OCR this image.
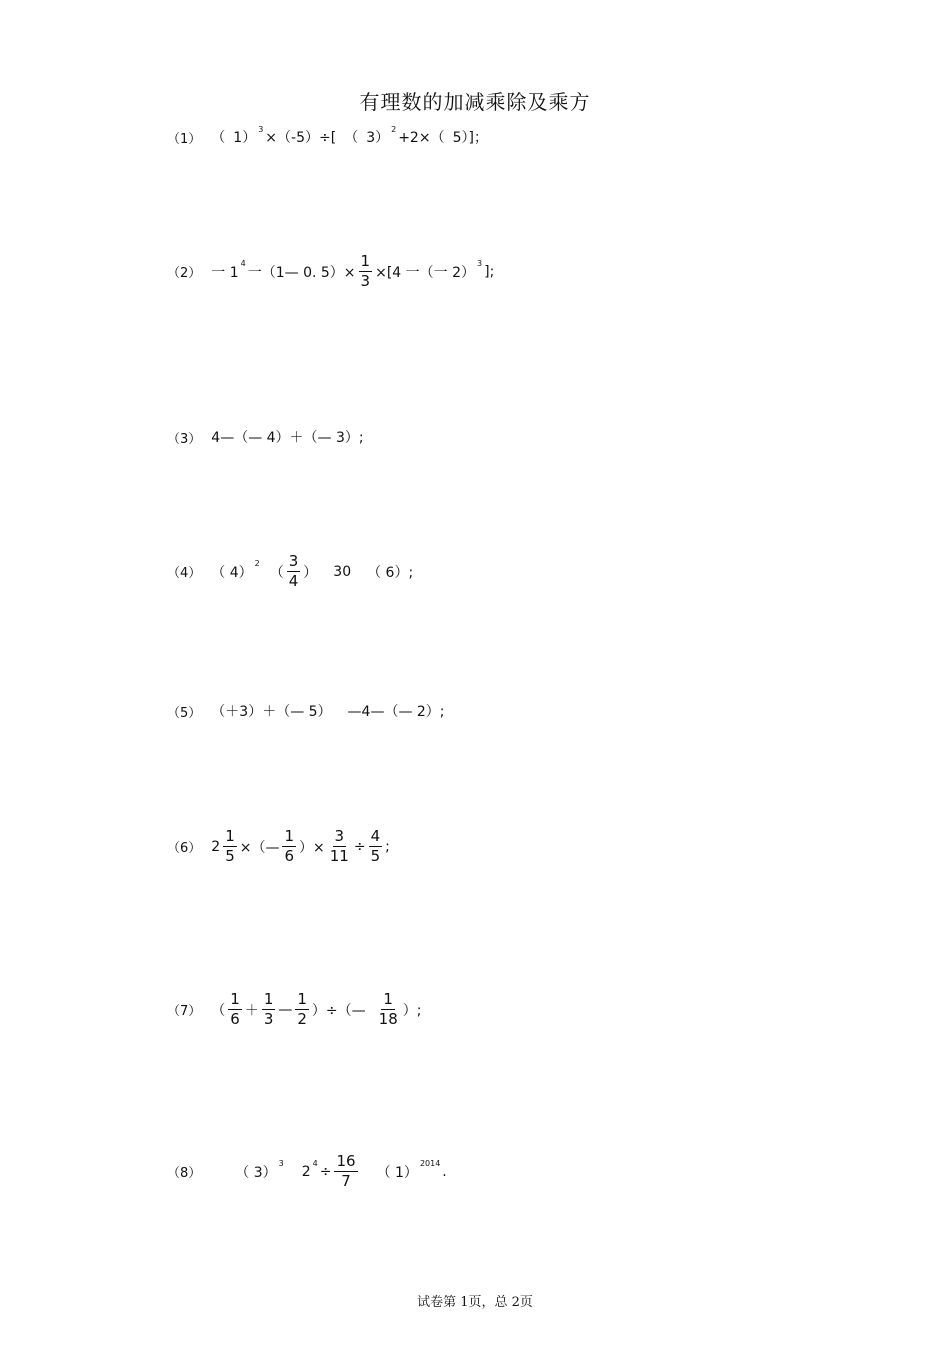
有理数的加减乘除及乘方
（1） （ 1）
3
×（-5）÷[ （ 3）
2
+2×（ 5）]；
（2） 一 1
4
一（1— 0. $5)\times \frac{1}{3} \times[4$ 一（一 2）
3 ];
（3） 4—（— 4）＋（— 3）;
（4） （ 4）
2
（ $\frac{3}{4}$ ） 30 （ 6）;
（5） （＋3）＋（— 5） —4—（— 2）;
（6） $2 \frac{1}{5}$ ×（— $\frac{1}{6}$ ）× $\frac{3}{11} \div \frac{4}{5}$ ;
（7） （ $\frac{1}{6} + \frac{1}{3}$ — $\frac{1}{2}$ ）÷（— $\frac{1}{18}$ ）;
（8） （ 3）
3 2 $4 \div \frac{16}{7}$ （ 1）
2014 .
试卷第 1页，总 2页
